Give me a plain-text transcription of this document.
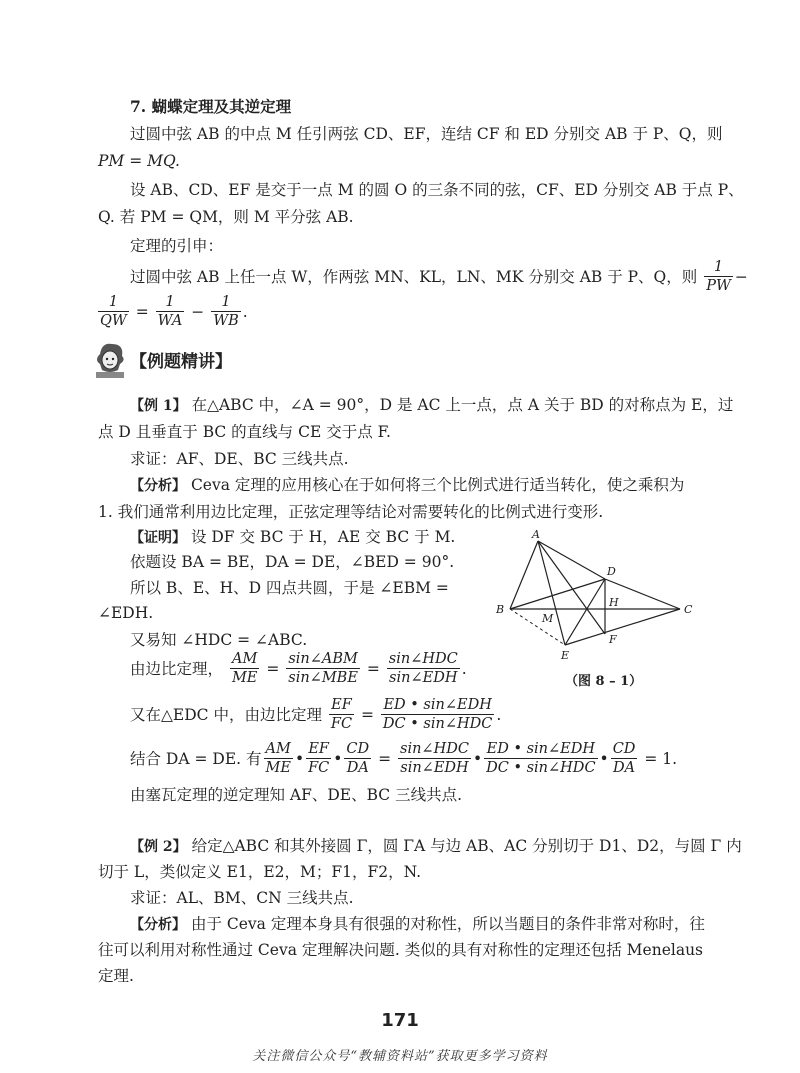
7. 蝴蝶定理及其逆定理
过圆中弦 AB 的中点 M 任引两弦 CD、EF，连结 CF 和 ED 分别交 AB 于 P、Q，则
PM = MQ.
设 AB、CD、EF 是交于一点 M 的圆 O 的三条不同的弦，CF、ED 分别交 AB 于点 P、
Q. 若 PM = QM，则 M 平分弦 AB.
定理的引申：
过圆中弦 AB 上任一点 W，作两弦 MN、KL，LN、MK 分别交 AB 于 P、Q，则 $\frac{1}{PW}$ −
$\frac{1}{QW} = \frac{1}{WA} - \frac{1}{WB}$ .
【例题精讲】
【例 1】 在△ABC 中，∠A = 90°，D 是 AC 上一点，点 A 关于 BD 的对称点为 E，过
点 D 且垂直于 BC 的直线与 CE 交于点 F.
求证：AF、DE、BC 三线共点.
【分析】 Ceva 定理的应用核心在于如何将三个比例式进行适当转化，使之乘积为
1. 我们通常利用边比定理，正弦定理等结论对需要转化的比例式进行变形.
【证明】 设 DF 交 BC 于 H，AE 交 BC 于 M.
依题设 BA = BE，DA = DE，∠BED = 90°.
所以 B、E、H、D 四点共圆，于是 ∠EBM =
∠EDH.
又易知 ∠HDC = ∠ABC.
由边比定理， $\frac{AM}{ME} = \frac{\text{sin∠ABM}}{\text{sin∠MBE}} = \frac{\text{sin∠HDC}}{\text{sin∠EDH}}$ .
又在△EDC 中，由边比定理 $\frac{EF}{FC} = \frac{\text{ED • sin∠EDH}}{\text{DC • sin∠HDC}}$ .
结合 DA = DE. 有 $\frac{AM}{ME}$ • $\frac{EF}{FC}$ • $\frac{CD}{DA} = \frac{\text{sin∠HDC}}{\text{sin∠EDH}}$ • $\frac{\text{ED • sin∠EDH}}{\text{DC • sin∠HDC}}$ • $\frac{CD}{DA} = 1$.
由塞瓦定理的逆定理知 AF、DE、BC 三线共点.
A
B	C
D
E
F
H
M
（图 8 – 1）
【例 2】 给定△ABC 和其外接圆 Γ，圆 ΓA 与边 AB、AC 分别切于 D1、D2，与圆 Γ 内
切于 L，类似定义 E1，E2，M；F1，F2，N.
求证：AL、BM、CN 三线共点.
【分析】 由于 Ceva 定理本身具有很强的对称性，所以当题目的条件非常对称时，往
往可以利用对称性通过 Ceva 定理解决问题. 类似的具有对称性的定理还包括 Menelaus
定理.
171
关注微信公众号“教辅资料站”获取更多学习资料
